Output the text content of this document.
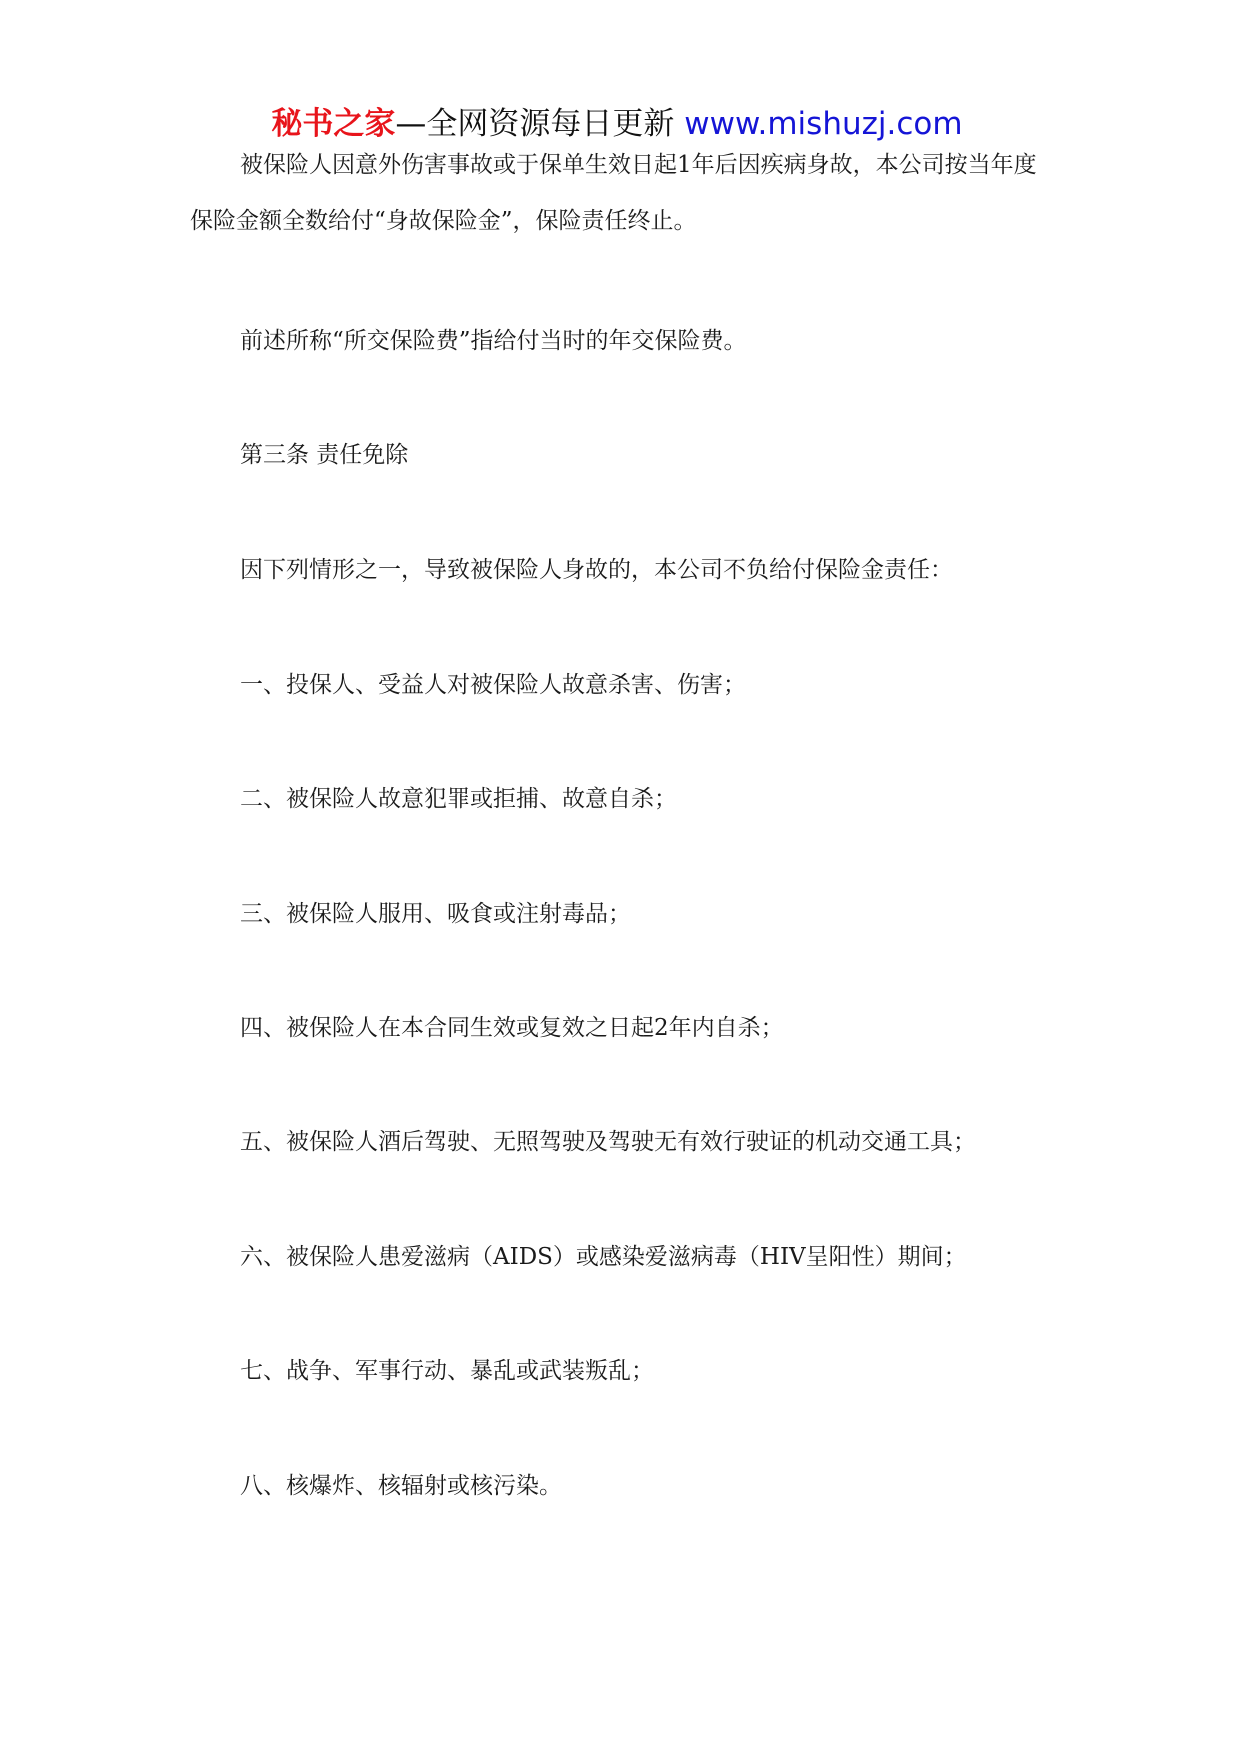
秘书之家—全网资源每日更新 www.mishuzj.com

被保险人因意外伤害事故或于保单生效日起1年后因疾病身故，本公司按当年度保险金额全数给付“身故保险金”，保险责任终止。

前述所称“所交保险费”指给付当时的年交保险费。

第三条 责任免除

因下列情形之一，导致被保险人身故的，本公司不负给付保险金责任：

一、投保人、受益人对被保险人故意杀害、伤害；

二、被保险人故意犯罪或拒捕、故意自杀；

三、被保险人服用、吸食或注射毒品；

四、被保险人在本合同生效或复效之日起2年内自杀；

五、被保险人酒后驾驶、无照驾驶及驾驶无有效行驶证的机动交通工具；

六、被保险人患爱滋病（AIDS）或感染爱滋病毒（HIV呈阳性）期间；

七、战争、军事行动、暴乱或武装叛乱；

八、核爆炸、核辐射或核污染。
